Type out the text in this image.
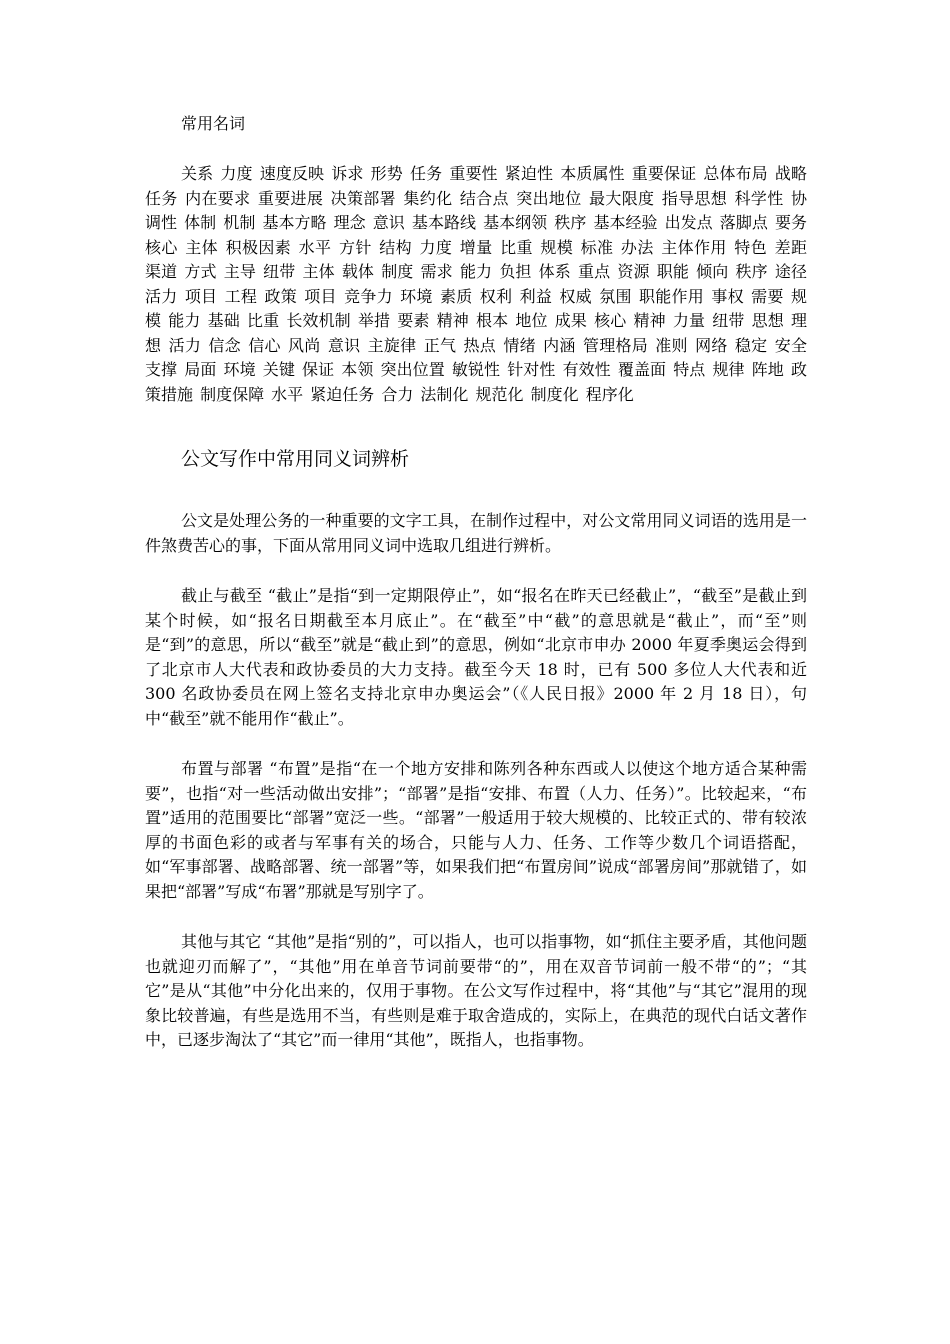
常用名词

关系 力度 速度反映 诉求 形势 任务 重要性 紧迫性 本质属性 重要保证 总体布局 战略任务 内在要求 重要进展 决策部署 集约化 结合点 突出地位 最大限度 指导思想 科学性 协调性 体制 机制 基本方略 理念 意识 基本路线 基本纲领 秩序 基本经验 出发点 落脚点 要务 核心 主体 积极因素 水平 方针 结构 力度 增量 比重 规模 标准 办法 主体作用 特色 差距 渠道 方式 主导 纽带 主体 载体 制度 需求 能力 负担 体系 重点 资源 职能 倾向 秩序 途径 活力 项目 工程 政策 项目 竞争力 环境 素质 权利 利益 权威 氛围 职能作用 事权 需要 规模 能力 基础 比重 长效机制 举措 要素 精神 根本 地位 成果 核心 精神 力量 纽带 思想 理想 活力 信念 信心 风尚 意识 主旋律 正气 热点 情绪 内涵 管理格局 准则 网络 稳定 安全 支撑 局面 环境 关键 保证 本领 突出位置 敏锐性 针对性 有效性 覆盖面 特点 规律 阵地 政策措施 制度保障 水平 紧迫任务 合力 法制化 规范化 制度化 程序化

公文写作中常用同义词辨析

公文是处理公务的一种重要的文字工具，在制作过程中，对公文常用同义词语的选用是一件煞费苦心的事，下面从常用同义词中选取几组进行辨析。

截止与截至 “截止”是指“到一定期限停止”，如“报名在昨天已经截止”，“截至”是截止到某个时候，如“报名日期截至本月底止”。在“截至”中“截”的意思就是“截止”，而“至”则是“到”的意思，所以“截至”就是“截止到”的意思，例如“北京市申办 2000 年夏季奥运会得到了北京市人大代表和政协委员的大力支持。截至今天 18 时，已有 500 多位人大代表和近 300 名政协委员在网上签名支持北京申办奥运会”（《人民日报》2000 年 2 月 18 日），句中“截至”就不能用作“截止”。

布置与部署 “布置”是指“在一个地方安排和陈列各种东西或人以使这个地方适合某种需要”，也指“对一些活动做出安排”；“部署”是指“安排、布置（人力、任务）”。比较起来，“布置”适用的范围要比“部署”宽泛一些。“部署”一般适用于较大规模的、比较正式的、带有较浓厚的书面色彩的或者与军事有关的场合，只能与人力、任务、工作等少数几个词语搭配，如“军事部署、战略部署、统一部署”等，如果我们把“布置房间”说成“部署房间”那就错了，如果把“部署”写成“布署”那就是写别字了。

其他与其它 “其他”是指“别的”，可以指人，也可以指事物，如“抓住主要矛盾，其他问题也就迎刃而解了”，“其他”用在单音节词前要带“的”，用在双音节词前一般不带“的”；“其它”是从“其他”中分化出来的，仅用于事物。在公文写作过程中，将“其他”与“其它”混用的现象比较普遍，有些是选用不当，有些则是难于取舍造成的，实际上，在典范的现代白话文著作中，已逐步淘汰了“其它”而一律用“其他”，既指人，也指事物。
